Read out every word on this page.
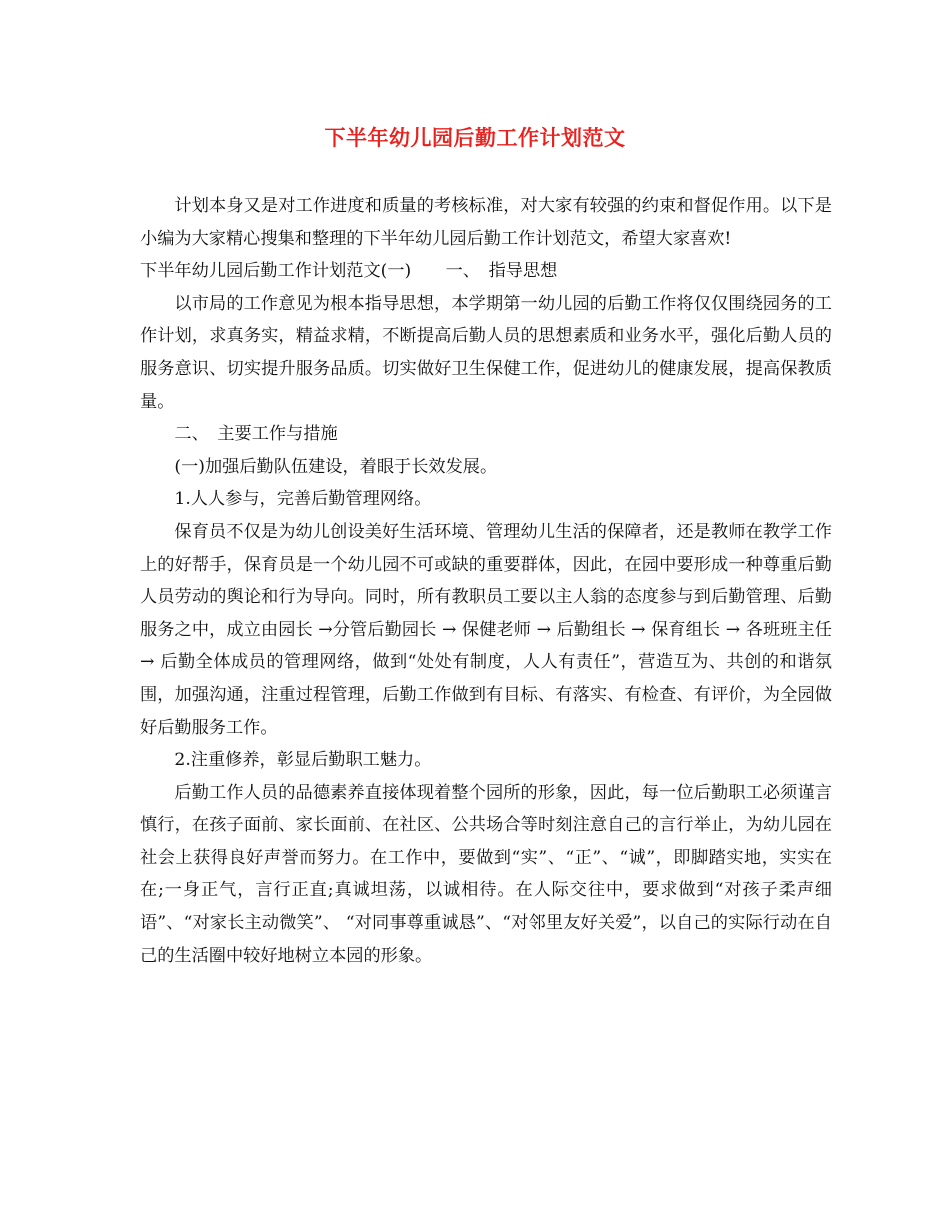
下半年幼儿园后勤工作计划范文

计划本身又是对工作进度和质量的考核标准，对大家有较强的约束和督促作用。以下是小编为大家精心搜集和整理的下半年幼儿园后勤工作计划范文，希望大家喜欢!

下半年幼儿园后勤工作计划范文(一)　　一、　指导思想

以市局的工作意见为根本指导思想，本学期第一幼儿园的后勤工作将仅仅围绕园务的工作计划，求真务实，精益求精，不断提高后勤人员的思想素质和业务水平，强化后勤人员的服务意识、切实提升服务品质。切实做好卫生保健工作，促进幼儿的健康发展，提高保教质量。

二、　主要工作与措施

(一)加强后勤队伍建设，着眼于长效发展。

1.人人参与，完善后勤管理网络。

保育员不仅是为幼儿创设美好生活环境、管理幼儿生活的保障者，还是教师在教学工作上的好帮手，保育员是一个幼儿园不可或缺的重要群体，因此，在园中要形成一种尊重后勤人员劳动的舆论和行为导向。同时，所有教职员工要以主人翁的态度参与到后勤管理、后勤服务之中，成立由园长 →分管后勤园长 → 保健老师 → 后勤组长 → 保育组长 → 各班班主任 → 后勤全体成员的管理网络，做到“处处有制度，人人有责任”，营造互为、共创的和谐氛围，加强沟通，注重过程管理，后勤工作做到有目标、有落实、有检查、有评价，为全园做好后勤服务工作。

2.注重修养，彰显后勤职工魅力。

后勤工作人员的品德素养直接体现着整个园所的形象，因此，每一位后勤职工必须谨言慎行，在孩子面前、家长面前、在社区、公共场合等时刻注意自己的言行举止，为幼儿园在社会上获得良好声誉而努力。在工作中，要做到“实”、“正”、“诚”，即脚踏实地，实实在在;一身正气，言行正直;真诚坦荡，以诚相待。在人际交往中，要求做到“对孩子柔声细语”、“对家长主动微笑”、 “对同事尊重诚恳”、“对邻里友好关爱”，以自己的实际行动在自己的生活圈中较好地树立本园的形象。
